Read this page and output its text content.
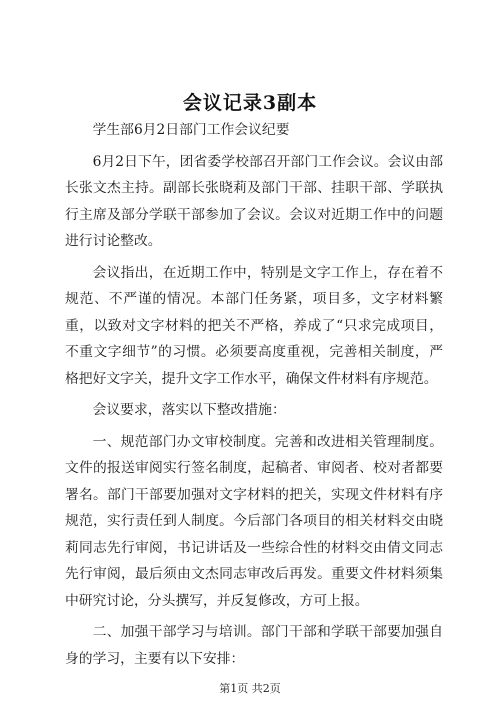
会议记录3副本

学生部6月2日部门工作会议纪要

6月2日下午，团省委学校部召开部门工作会议。会议由部长张文杰主持。副部长张晓莉及部门干部、挂职干部、学联执行主席及部分学联干部参加了会议。会议对近期工作中的问题进行讨论整改。

会议指出，在近期工作中，特别是文字工作上，存在着不规范、不严谨的情况。本部门任务紧，项目多，文字材料繁重，以致对文字材料的把关不严格，养成了“只求完成项目，不重文字细节”的习惯。必须要高度重视，完善相关制度，严格把好文字关，提升文字工作水平，确保文件材料有序规范。

会议要求，落实以下整改措施：

一、规范部门办文审校制度。完善和改进相关管理制度。文件的报送审阅实行签名制度，起稿者、审阅者、校对者都要署名。部门干部要加强对文字材料的把关，实现文件材料有序规范，实行责任到人制度。今后部门各项目的相关材料交由晓莉同志先行审阅，书记讲话及一些综合性的材料交由倩文同志先行审阅，最后须由文杰同志审改后再发。重要文件材料须集中研究讨论，分头撰写，并反复修改，方可上报。

二、加强干部学习与培训。部门干部和学联干部要加强自身的学习，主要有以下安排：

第1页 共2页
